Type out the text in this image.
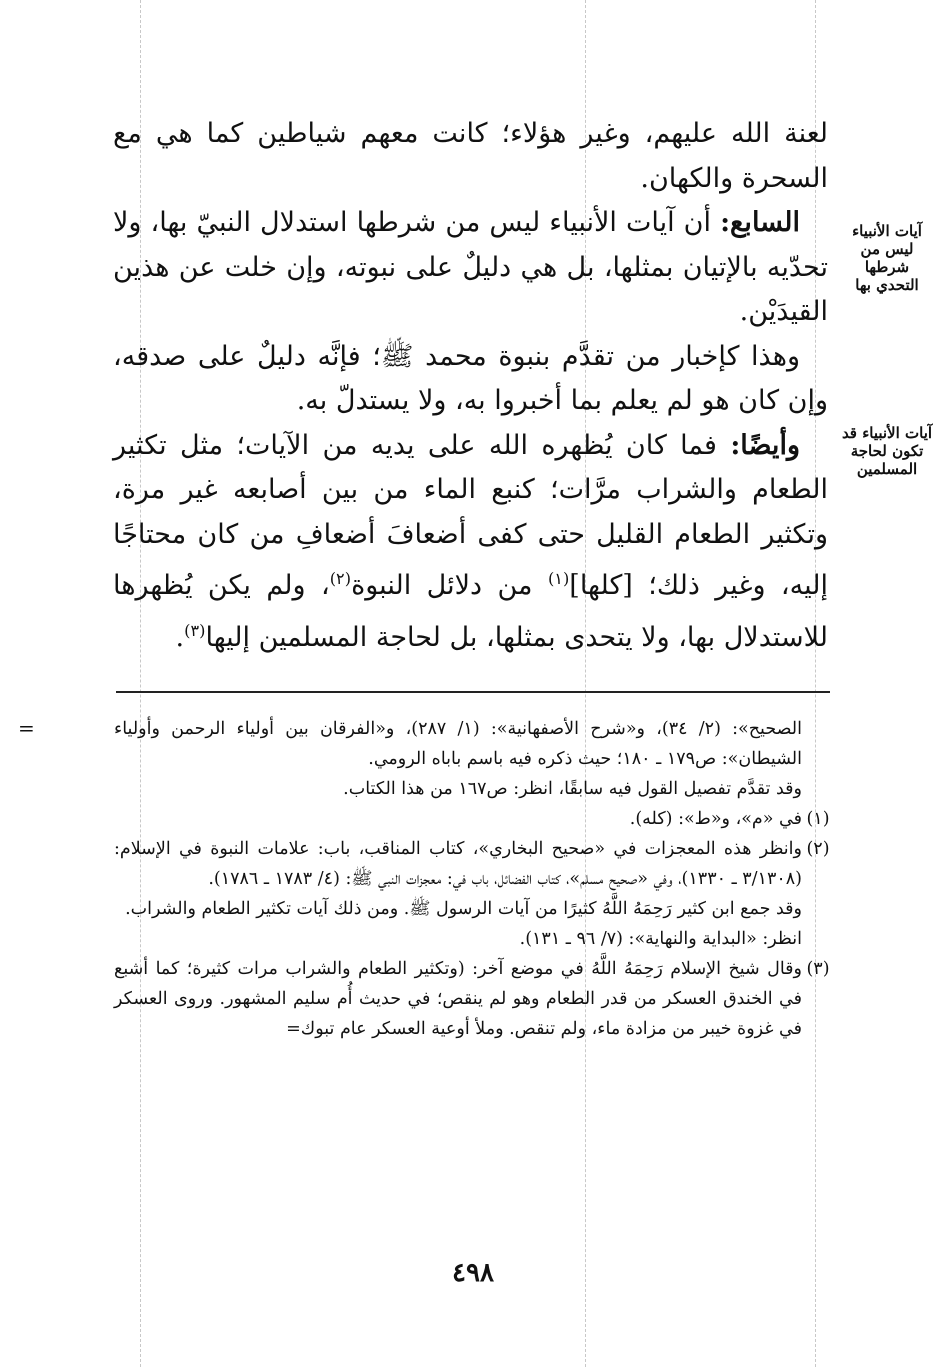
لعنة الله عليهم، وغير هؤلاء؛ كانت معهم شياطين كما هي مع السحرة والكهان.

السابع: أن آيات الأنبياء ليس من شرطها استدلال النبيّ بها، ولا تحدّيه بالإتيان بمثلها، بل هي دليلٌ على نبوته، وإن خلت عن هذين القيدَيْن.

وهذا كإخبار من تقدَّم بنبوة محمد ﷺ؛ فإنَّه دليلٌ على صدقه، وإن كان هو لم يعلم بما أخبروا به، ولا يستدلّ به.

وأيضًا: فما كان يُظهره الله على يديه من الآيات؛ مثل تكثير الطعام والشراب مرَّات؛ كنبع الماء من بين أصابعه غير مرة، وتكثير الطعام القليل حتى كفى أضعافَ أضعافِ من كان محتاجًا إليه، وغير ذلك؛ [كلها]$^{(١)}$ من دلائل النبوة$^{(٢)}$، ولم يكن يُظهرها للاستدلال بها، ولا يتحدى بمثلها، بل لحاجة المسلمين إليها$^{(٣)}$.

آيات الأنبياء
ليس من شرطها
التحدي بها
آيات الأنبياء قد
تكون لحاجة
المسلمين
=	الصحيح»: (٢/ ٣٤)، و«شرح الأصفهانية»: (١/ ٢٨٧)، و«الفرقان بين أولياء الرحمن وأولياء الشيطان»: ص١٧٩ ـ ١٨٠؛ حيث ذكره فيه باسم باباه الرومي.
وقد تقدَّم تفصيل القول فيه سابقًا، انظر: ص١٦٧ من هذا الكتاب.
(١)
في «م»، و«ط»: (كله).
(٢)
وانظر هذه المعجزات في «صحيح البخاري»، كتاب المناقب، باب: علامات النبوة في الإسلام: (٣/١٣٠٨ ـ ١٣٣٠)، وفي «صحيح مسلم»، كتاب الفضائل، باب في: معجزات النبي ﷺ: (٤/ ١٧٨٣ ـ ١٧٨٦).
وقد جمع ابن كثير رَحِمَهُ اللَّهُ كثيرًا من آيات الرسول ﷺ. ومن ذلك آيات تكثير الطعام والشراب.
انظر: «البداية والنهاية»: (٧/ ٩٦ ـ ١٣١).
(٣)
وقال شيخ الإسلام رَحِمَهُ اللَّهُ في موضع آخر: (وتكثير الطعام والشراب مرات كثيرة؛ كما أشبع في الخندق العسكر من قدر الطعام وهو لم ينقص؛ في حديث أُم سليم المشهور. وروى العسكر في غزوة خيبر من مزادة ماء، ولم تنقص. وملأ أوعية العسكر عام تبوك=
٤٩٨
